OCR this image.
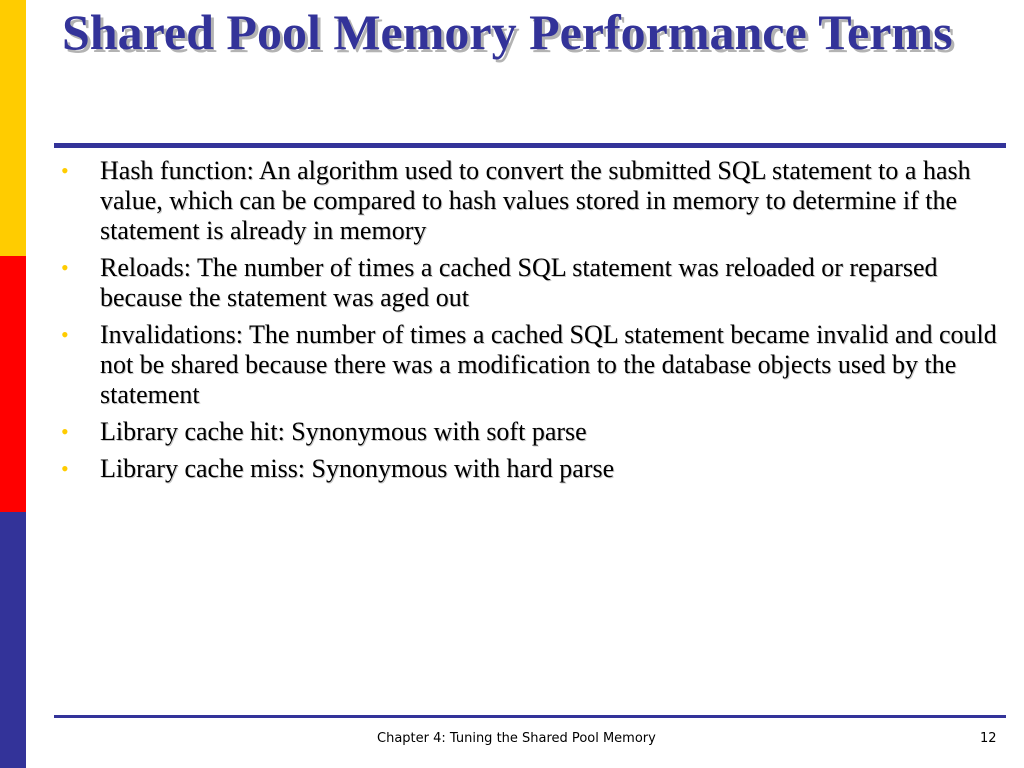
Shared Pool Memory Performance Terms
• Hash function: An algorithm used to convert the submitted SQL statement to a hash value, which can be compared to hash values stored in memory to determine if the statement is already in memory
• Reloads: The number of times a cached SQL statement was reloaded or reparsed because the statement was aged out
• Invalidations: The number of times a cached SQL statement became invalid and could not be shared because there was a modification to the database objects used by the statement
• Library cache hit: Synonymous with soft parse
• Library cache miss: Synonymous with hard parse
Chapter 4: Tuning the Shared Pool Memory	12
